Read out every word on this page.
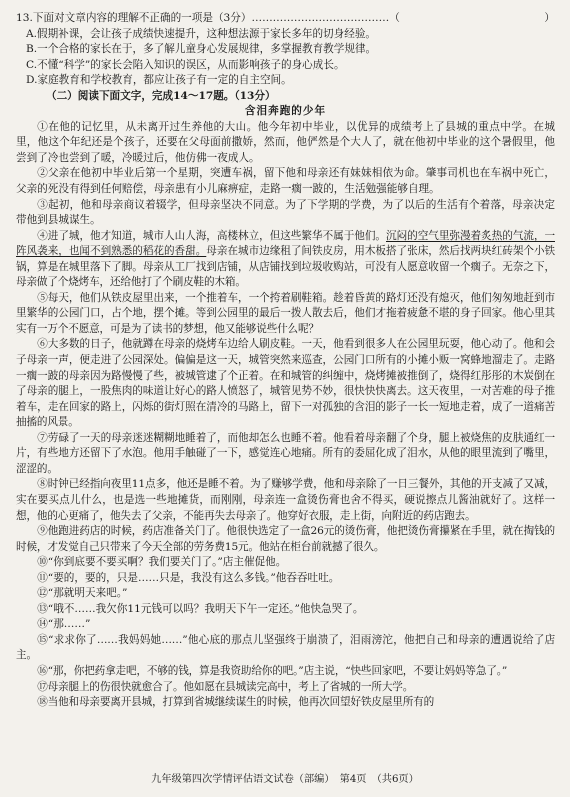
13.下面对文章内容的理解不正确的一项是（3分）…………………………………（	）
A.假期补课，会让孩子成绩快速提升，这种想法源于家长多年的切身经验。
B.一个合格的家长在于，多了解儿童身心发展规律，多掌握教育教学规律。
C.不懂“科学”的家长会陷入知识的误区，从而影响孩子的身心成长。
D.家庭教育和学校教育，都应让孩子有一定的自主空间。
（二）阅读下面文字，完成14～17题。（13分）
含泪奔跑的少年
①在他的记忆里，从未离开过生养他的大山。他今年初中毕业，以优异的成绩考上了县城的重点中学。在城里，他这个年纪还是个孩子，还要在父母面前撒娇，然而，他俨然是个大人了，就在他初中毕业的这个暑假里，他尝到了冷也尝到了暖，冷暖过后，他仿佛一夜成人。
②父亲在他初中毕业后第一个星期，突遭车祸，留下他和母亲还有妹妹相依为命。肇事司机也在车祸中死亡，父亲的死没有得到任何赔偿，母亲患有小儿麻痹症，走路一瘸一跛的，生活勉强能够自理。
③起初，他和母亲商议着辍学，但母亲坚决不同意。为了下学期的学费，为了以后的生活有个着落，母亲决定带他到县城谋生。
④进了城，他才知道，城市人山人海，高楼林立，但这些繁华不属于他们。沉闷的空气里弥漫着炙热的气流，一阵风袭来，也闻不到熟悉的稻花的香甜。母亲在城市边缘租了间铁皮房，用木板搭了张床，然后找两块红砖架个小铁锅，算是在城里落下了脚。母亲从工厂找到店铺，从店铺找到垃圾收购站，可没有人愿意收留一个瘸子。无奈之下，母亲做了个烧烤车，还给他打了个刷皮鞋的木箱。
⑤每天，他们从铁皮屋里出来，一个推着车，一个挎着刷鞋箱。趁着昏黄的路灯还没有熄灭，他们匆匆地赶到市里繁华的公园门口，占个地，摆个摊。等到公园里的最后一拨人散去后，他们才拖着疲惫不堪的身子回家。他心里其实有一万个不愿意，可是为了读书的梦想，他又能够说些什么呢？
⑥大多数的日子，他就蹲在母亲的烧烤车边给人刷皮鞋。一天，他看到很多人在公园里玩耍，他心动了。他和会子母亲一声，便走进了公园深处。偏偏是这一天，城管突然来巡查，公园门口所有的小摊小贩一窝蜂地溜走了。走路一瘸一跛的母亲因为路慢慢了些，被城管逮了个正着。在和城管的纠缠中，烧烤摊被推倒了，烧得红彤彤的木炭倒在了母亲的腿上，一股焦肉的味道让好心的路人愤怒了，城管见势不妙，很快快快离去。这天夜里，一对苦难的母子推着车，走在回家的路上，闪烁的街灯照在清冷的马路上，留下一对孤独的含泪的影子一长一短地走着，成了一道痛苦抽搐的风景。
⑦劳碌了一天的母亲迷迷糊糊地睡着了，而他却怎么也睡不着。他看着母亲翻了个身，腿上被烧焦的皮肤通红一片，有些地方还留下了水泡。他用手触碰了一下，感觉连心地痛。所有的委屈化成了泪水，从他的眼里流到了嘴里，涩涩的。
⑧时钟已经指向夜里11点多，他还是睡不着。为了赚够学费，他和母亲除了一日三餐外，其他的开支减了又减，实在要买点儿什么，也是选一些地摊货，而刚刚，母亲连一盒烫伤膏也舍不得买，硬说擦点儿酱油就好了。这样一想，他的心更痛了，他失去了父亲，不能再失去母亲了。他穿好衣服，走上街，向附近的药店跑去。
⑨他跑进药店的时候，药店准备关门了。他很快选定了一盒26元的烫伤膏，他把烫伤膏攥紧在手里，就在掏钱的时候，才发觉自己只带来了今天全部的劳务费15元。他站在柜台前就撼了很久。
⑩“你到底要不要买啊？我们要关门了。”店主催促他。
⑪“要的，要的，只是……只是，我没有这么多钱。”他吞吞吐吐。
⑫“那就明天来吧。”
⑬“哦不……我欠你11元钱可以吗？我明天下午一定还。”他快急哭了。
⑭“那……”
⑮“求求你了……我妈妈她……”他心底的那点儿坚强终于崩溃了，泪雨滂沱，他把自己和母亲的遭遇说给了店主。
⑯“那，你把药拿走吧，不够的钱，算是我资助给你的吧。”店主说，“快些回家吧，不要让妈妈等急了。”
⑰母亲腿上的伤很快就愈合了。他如愿在县城读完高中，考上了省城的一所大学。
⑱当他和母亲要离开县城，打算到省城继续谋生的时候，他再次回望好铁皮屋里所有的
九年级第四次学情评估语文试卷（部编）　第4页　（共6页）
